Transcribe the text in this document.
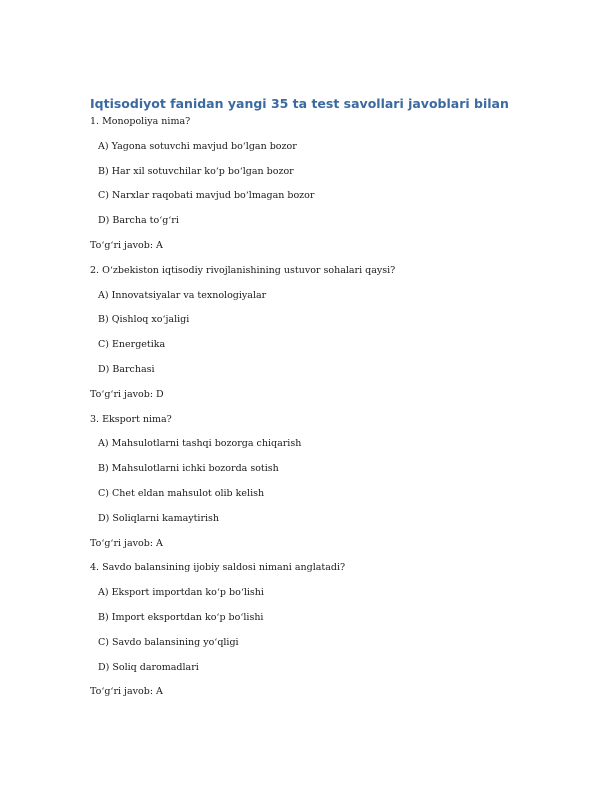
Iqtisodiyot fanidan yangi 35 ta test savollari javoblari bilan
1. Monopoliya nima?
A) Yagona sotuvchi mavjud bo‘lgan bozor
B) Har xil sotuvchilar ko‘p bo‘lgan bozor
C) Narxlar raqobati mavjud bo‘lmagan bozor
D) Barcha to‘g‘ri
To‘g‘ri javob: A
2. O‘zbekiston iqtisodiy rivojlanishining ustuvor sohalari qaysi?
A) Innovatsiyalar va texnologiyalar
B) Qishloq xo‘jaligi
C) Energetika
D) Barchasi
To‘g‘ri javob: D
3. Eksport nima?
A) Mahsulotlarni tashqi bozorga chiqarish
B) Mahsulotlarni ichki bozorda sotish
C) Chet eldan mahsulot olib kelish
D) Soliqlarni kamaytirish
To‘g‘ri javob: A
4. Savdo balansining ijobiy saldosi nimani anglatadi?
A) Eksport importdan ko‘p bo‘lishi
B) Import eksportdan ko‘p bo‘lishi
C) Savdo balansining yo‘qligi
D) Soliq daromadlari
To‘g‘ri javob: A
